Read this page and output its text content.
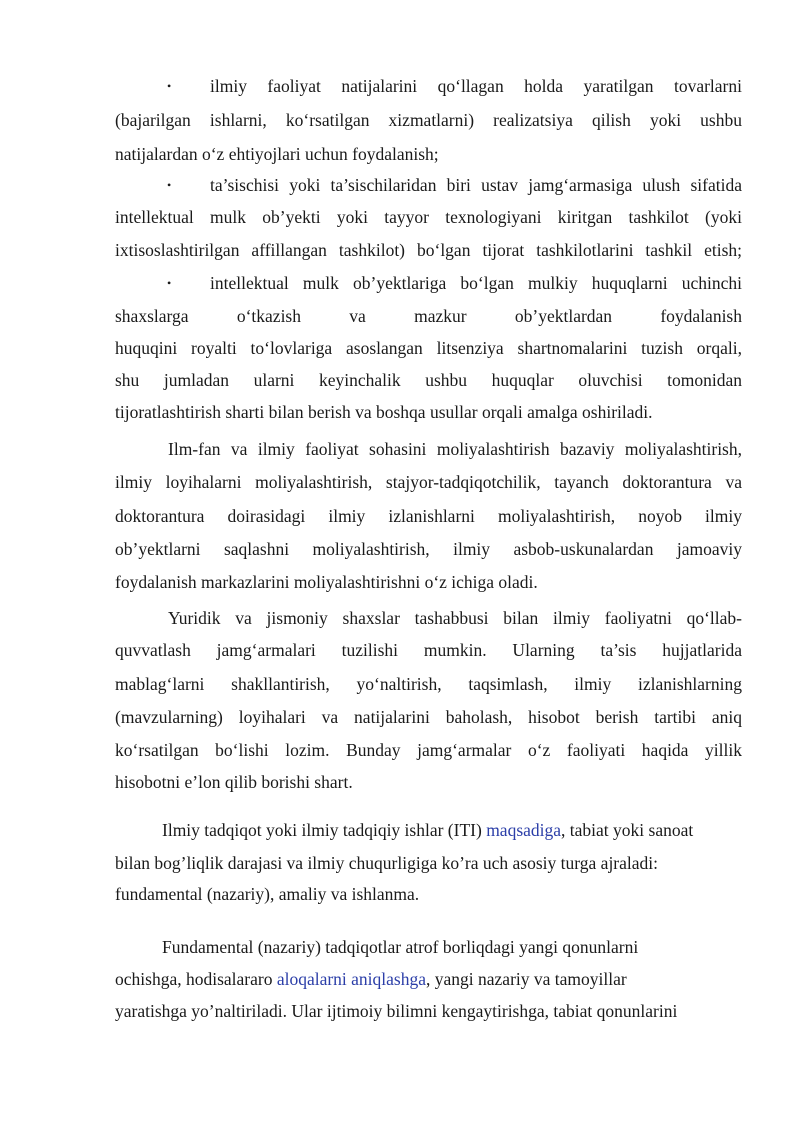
• ilmiy faoliyat natijalarini qo‘llagan holda yaratilgan tovarlarni
(bajarilgan ishlarni, ko‘rsatilgan xizmatlarni) realizatsiya qilish yoki ushbu
natijalardan o‘z ehtiyojlari uchun foydalanish;
• ta’sischisi yoki ta’sischilaridan biri ustav jamg‘armasiga ulush sifatida
intellektual mulk ob’yekti yoki tayyor texnologiyani kiritgan tashkilot (yoki
ixtisoslashtirilgan affillangan tashkilot) bo‘lgan tijorat tashkilotlarini tashkil etish;
• intellektual mulk ob’yektlariga bo‘lgan mulkiy huquqlarni uchinchi
shaxslarga o‘tkazish va mazkur ob’yektlardan foydalanish
huquqini royalti to‘lovlariga asoslangan litsenziya shartnomalarini tuzish orqali,
shu jumladan ularni keyinchalik ushbu huquqlar oluvchisi tomonidan
tijoratlashtirish sharti bilan berish va boshqa usullar orqali amalga oshiriladi.
Ilm-fan va ilmiy faoliyat sohasini moliyalashtirish bazaviy moliyalashtirish,
ilmiy loyihalarni moliyalashtirish, stajyor-tadqiqotchilik, tayanch doktorantura va
doktorantura doirasidagi ilmiy izlanishlarni moliyalashtirish, noyob ilmiy
ob’yektlarni saqlashni moliyalashtirish, ilmiy asbob-uskunalardan jamoaviy
foydalanish markazlarini moliyalashtirishni o‘z ichiga oladi.
Yuridik va jismoniy shaxslar tashabbusi bilan ilmiy faoliyatni qo‘llab-
quvvatlash jamg‘armalari tuzilishi mumkin. Ularning ta’sis hujjatlarida
mablag‘larni shakllantirish, yo‘naltirish, taqsimlash, ilmiy izlanishlarning
(mavzularning) loyihalari va natijalarini baholash, hisobot berish tartibi aniq
ko‘rsatilgan bo‘lishi lozim. Bunday jamg‘armalar o‘z faoliyati haqida yillik
hisobotni e’lon qilib borishi shart.
Ilmiy tadqiqot yoki ilmiy tadqiqiy ishlar (ITI) maqsadiga, tabiat yoki sanoat
bilan bog’liqlik darajasi va ilmiy chuqurligiga ko’ra uch asosiy turga ajraladi:
fundamental (nazariy), amaliy va ishlanma.
Fundamental (nazariy) tadqiqotlar atrof borliqdagi yangi qonunlarni
ochishga, hodisalararo aloqalarni aniqlashga, yangi nazariy va tamoyillar
yaratishga yo’naltiriladi. Ular ijtimoiy bilimni kengaytirishga, tabiat qonunlarini
